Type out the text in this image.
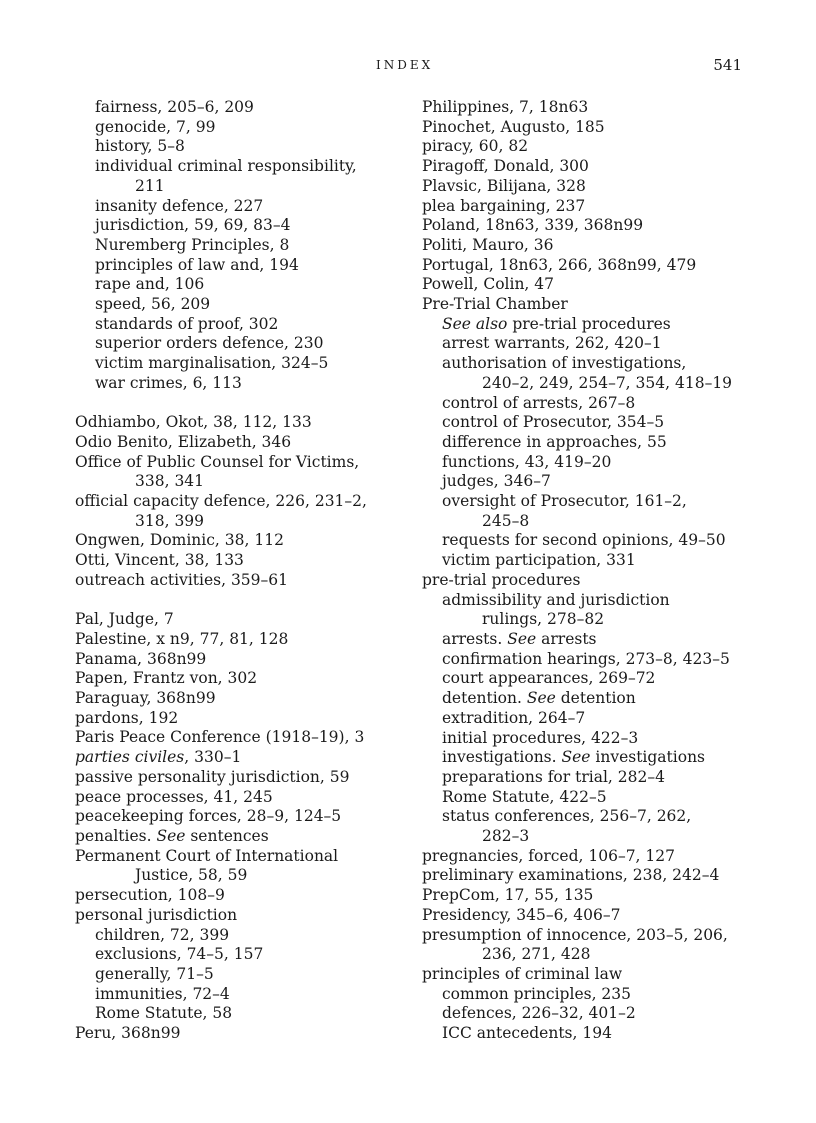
INDEX	541
fairness, 205–6, 209
genocide, 7, 99
history, 5–8
individual criminal responsibility,
211
insanity defence, 227
jurisdiction, 59, 69, 83–4
Nuremberg Principles, 8
principles of law and, 194
rape and, 106
speed, 56, 209
standards of proof, 302
superior orders defence, 230
victim marginalisation, 324–5
war crimes, 6, 113
Odhiambo, Okot, 38, 112, 133
Odio Benito, Elizabeth, 346
Office of Public Counsel for Victims,
338, 341
official capacity defence, 226, 231–2,
318, 399
Ongwen, Dominic, 38, 112
Otti, Vincent, 38, 133
outreach activities, 359–61
Pal, Judge, 7
Palestine, x n9, 77, 81, 128
Panama, 368n99
Papen, Frantz von, 302
Paraguay, 368n99
pardons, 192
Paris Peace Conference (1918–19), 3
parties civiles, 330–1
passive personality jurisdiction, 59
peace processes, 41, 245
peacekeeping forces, 28–9, 124–5
penalties. See sentences
Permanent Court of International
Justice, 58, 59
persecution, 108–9
personal jurisdiction
children, 72, 399
exclusions, 74–5, 157
generally, 71–5
immunities, 72–4
Rome Statute, 58
Peru, 368n99
Philippines, 7, 18n63
Pinochet, Augusto, 185
piracy, 60, 82
Piragoff, Donald, 300
Plavsic, Bilijana, 328
plea bargaining, 237
Poland, 18n63, 339, 368n99
Politi, Mauro, 36
Portugal, 18n63, 266, 368n99, 479
Powell, Colin, 47
Pre-Trial Chamber
See also pre-trial procedures
arrest warrants, 262, 420–1
authorisation of investigations,
240–2, 249, 254–7, 354, 418–19
control of arrests, 267–8
control of Prosecutor, 354–5
difference in approaches, 55
functions, 43, 419–20
judges, 346–7
oversight of Prosecutor, 161–2,
245–8
requests for second opinions, 49–50
victim participation, 331
pre-trial procedures
admissibility and jurisdiction
rulings, 278–82
arrests. See arrests
confirmation hearings, 273–8, 423–5
court appearances, 269–72
detention. See detention
extradition, 264–7
initial procedures, 422–3
investigations. See investigations
preparations for trial, 282–4
Rome Statute, 422–5
status conferences, 256–7, 262,
282–3
pregnancies, forced, 106–7, 127
preliminary examinations, 238, 242–4
PrepCom, 17, 55, 135
Presidency, 345–6, 406–7
presumption of innocence, 203–5, 206,
236, 271, 428
principles of criminal law
common principles, 235
defences, 226–32, 401–2
ICC antecedents, 194
